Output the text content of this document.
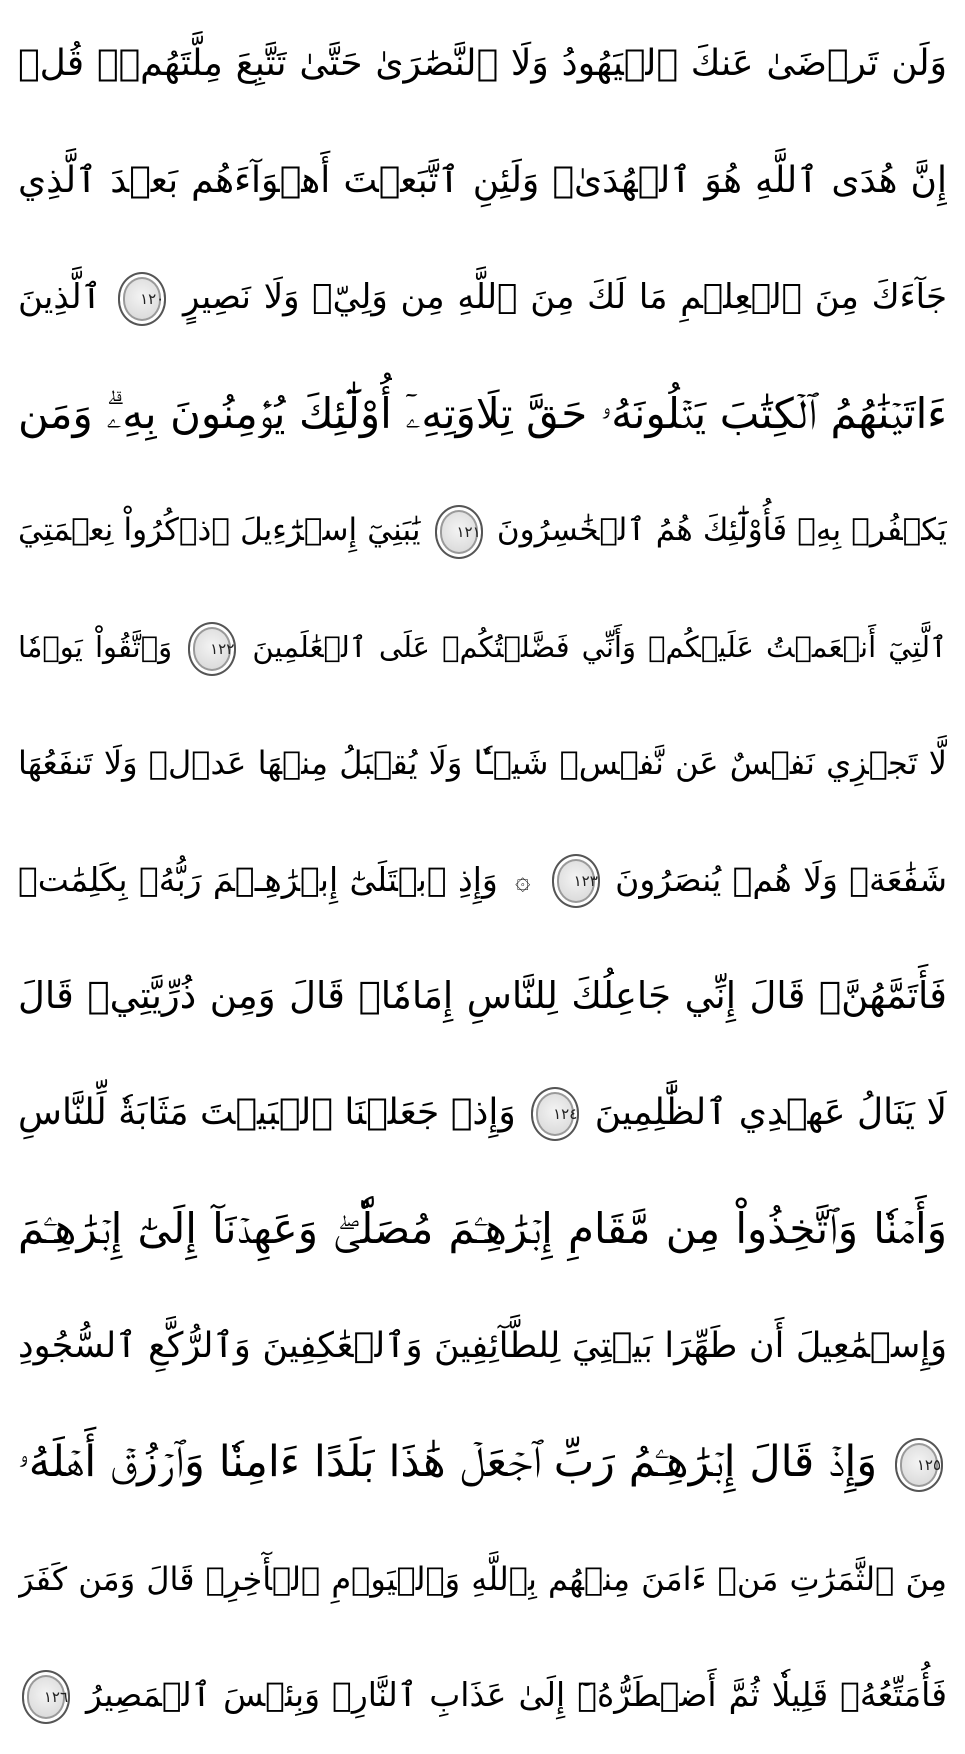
وَلَن تَرۡضَىٰ عَنكَ ٱلۡيَهُودُ وَلَا ٱلنَّصَٰرَىٰ حَتَّىٰ تَتَّبِعَ مِلَّتَهُمۡۗ قُلۡ
إِنَّ هُدَى ٱللَّهِ هُوَ ٱلۡهُدَىٰۗ وَلَئِنِ ٱتَّبَعۡتَ أَهۡوَآءَهُم بَعۡدَ ٱلَّذِي
جَآءَكَ مِنَ ٱلۡعِلۡمِ مَا لَكَ مِنَ ٱللَّهِ مِن وَلِيّٖ وَلَا نَصِيرٍ ١٢٠ ٱلَّذِينَ
ءَاتَيۡنَٰهُمُ ٱلۡكِتَٰبَ يَتۡلُونَهُۥ حَقَّ تِلَاوَتِهِۦٓ أُوْلَٰٓئِكَ يُؤۡمِنُونَ بِهِۦۗ وَمَن
يَكۡفُرۡ بِهِۦ فَأُوْلَٰٓئِكَ هُمُ ٱلۡخَٰسِرُونَ ١٢١ يَٰبَنِيٓ إِسۡرَٰٓءِيلَ ٱذۡكُرُواْ نِعۡمَتِيَ
ٱلَّتِيٓ أَنۡعَمۡتُ عَلَيۡكُمۡ وَأَنِّي فَضَّلۡتُكُمۡ عَلَى ٱلۡعَٰلَمِينَ ١٢٢ وَٱتَّقُواْ يَوۡمٗا
لَّا تَجۡزِي نَفۡسٌ عَن نَّفۡسٖ شَيۡـٔٗا وَلَا يُقۡبَلُ مِنۡهَا عَدۡلٞ وَلَا تَنفَعُهَا
شَفَٰعَةٞ وَلَا هُمۡ يُنصَرُونَ ١٢٣ ۞ وَإِذِ ٱبۡتَلَىٰٓ إِبۡرَٰهِـۧمَ رَبُّهُۥ بِكَلِمَٰتٖ
فَأَتَمَّهُنَّۖ قَالَ إِنِّي جَاعِلُكَ لِلنَّاسِ إِمَامٗاۖ قَالَ وَمِن ذُرِّيَّتِيۖ قَالَ
لَا يَنَالُ عَهۡدِي ٱلظَّٰلِمِينَ ١٢٤ وَإِذۡ جَعَلۡنَا ٱلۡبَيۡتَ مَثَابَةٗ لِّلنَّاسِ
وَأَمۡنٗا وَٱتَّخِذُواْ مِن مَّقَامِ إِبۡرَٰهِـۧمَ مُصَلّٗىۖ وَعَهِدۡنَآ إِلَىٰٓ إِبۡرَٰهِـۧمَ
وَإِسۡمَٰعِيلَ أَن طَهِّرَا بَيۡتِيَ لِلطَّآئِفِينَ وَٱلۡعَٰكِفِينَ وَٱلرُّكَّعِ ٱلسُّجُودِ
١٢٥ وَإِذۡ قَالَ إِبۡرَٰهِـۧمُ رَبِّ ٱجۡعَلۡ هَٰذَا بَلَدًا ءَامِنٗا وَٱرۡزُقۡ أَهۡلَهُۥ
مِنَ ٱلثَّمَرَٰتِ مَنۡ ءَامَنَ مِنۡهُم بِٱللَّهِ وَٱلۡيَوۡمِ ٱلۡأٓخِرِۚ قَالَ وَمَن كَفَرَ
فَأُمَتِّعُهُۥ قَلِيلٗا ثُمَّ أَضۡطَرُّهُۥٓ إِلَىٰ عَذَابِ ٱلنَّارِۖ وَبِئۡسَ ٱلۡمَصِيرُ ١٢٦
